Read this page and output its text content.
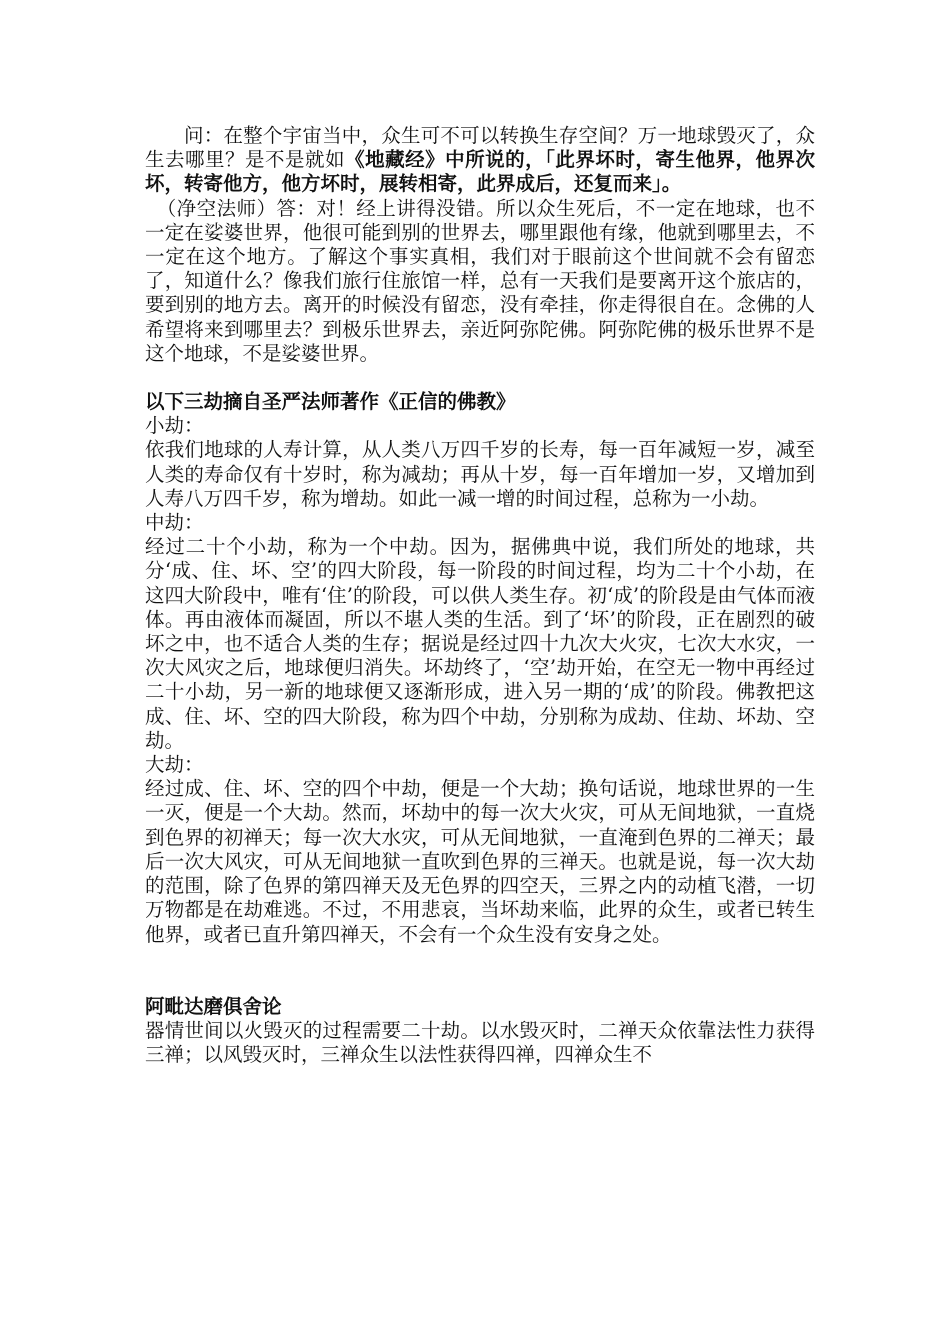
问：在整个宇宙当中，众生可不可以转换生存空间？万一地球毁灭了，众生去哪里？是不是就如《地藏经》中所说的，「此界坏时，寄生他界，他界次坏，转寄他方，他方坏时，展转相寄，此界成后，还复而来」。

（净空法师）答：对！经上讲得没错。所以众生死后，不一定在地球，也不一定在娑婆世界，他很可能到别的世界去，哪里跟他有缘，他就到哪里去，不一定在这个地方。了解这个事实真相，我们对于眼前这个世间就不会有留恋了，知道什么？像我们旅行住旅馆一样，总有一天我们是要离开这个旅店的，要到别的地方去。离开的时候没有留恋，没有牵挂，你走得很自在。念佛的人希望将来到哪里去？到极乐世界去，亲近阿弥陀佛。阿弥陀佛的极乐世界不是这个地球，不是娑婆世界。

以下三劫摘自圣严法师著作《正信的佛教》

小劫：

依我们地球的人寿计算，从人类八万四千岁的长寿，每一百年减短一岁，减至人类的寿命仅有十岁时，称为减劫；再从十岁，每一百年增加一岁，又增加到人寿八万四千岁，称为增劫。如此一减一增的时间过程，总称为一小劫。

中劫：

经过二十个小劫，称为一个中劫。因为，据佛典中说，我们所处的地球，共分‘成、住、坏、空’的四大阶段，每一阶段的时间过程，均为二十个小劫，在这四大阶段中，唯有‘住’的阶段，可以供人类生存。初‘成’的阶段是由气体而液体。再由液体而凝固，所以不堪人类的生活。到了‘坏’的阶段，正在剧烈的破坏之中，也不适合人类的生存；据说是经过四十九次大火灾，七次大水灾，一次大风灾之后，地球便归消失。坏劫终了，‘空’劫开始，在空无一物中再经过二十小劫，另一新的地球便又逐渐形成，进入另一期的‘成’的阶段。佛教把这成、住、坏、空的四大阶段，称为四个中劫，分别称为成劫、住劫、坏劫、空劫。

大劫：

经过成、住、坏、空的四个中劫，便是一个大劫；换句话说，地球世界的一生一灭，便是一个大劫。然而，坏劫中的每一次大火灾，可从无间地狱，一直烧到色界的初禅天；每一次大水灾，可从无间地狱，一直淹到色界的二禅天；最后一次大风灾，可从无间地狱一直吹到色界的三禅天。也就是说，每一次大劫的范围，除了色界的第四禅天及无色界的四空天，三界之内的动植飞潜，一切万物都是在劫难逃。不过，不用悲哀，当坏劫来临，此界的众生，或者已转生他界，或者已直升第四禅天，不会有一个众生没有安身之处。

阿毗达磨俱舍论

器情世间以火毁灭的过程需要二十劫。以水毁灭时，二禅天众依靠法性力获得三禅；以风毁灭时，三禅众生以法性获得四禅，四禅众生不
